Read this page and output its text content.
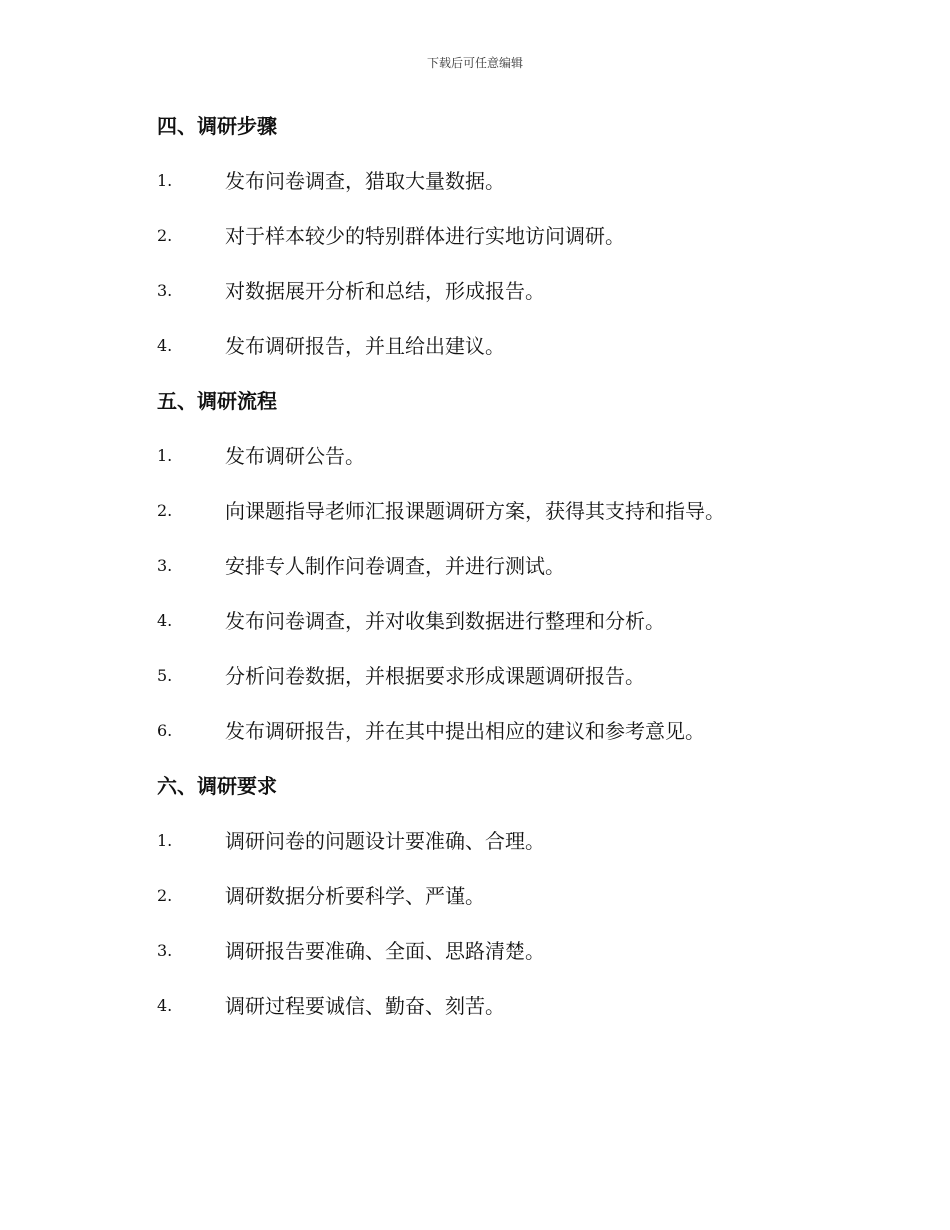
下载后可任意编辑
四、调研步骤
1.	发布问卷调查，猎取大量数据。
2.	对于样本较少的特别群体进行实地访问调研。
3.	对数据展开分析和总结，形成报告。
4.	发布调研报告，并且给出建议。
五、调研流程
1.	发布调研公告。
2.	向课题指导老师汇报课题调研方案，获得其支持和指导。
3.	安排专人制作问卷调查，并进行测试。
4.	发布问卷调查，并对收集到数据进行整理和分析。
5.	分析问卷数据，并根据要求形成课题调研报告。
6.	发布调研报告，并在其中提出相应的建议和参考意见。
六、调研要求
1.	调研问卷的问题设计要准确、合理。
2.	调研数据分析要科学、严谨。
3.	调研报告要准确、全面、思路清楚。
4.	调研过程要诚信、勤奋、刻苦。
